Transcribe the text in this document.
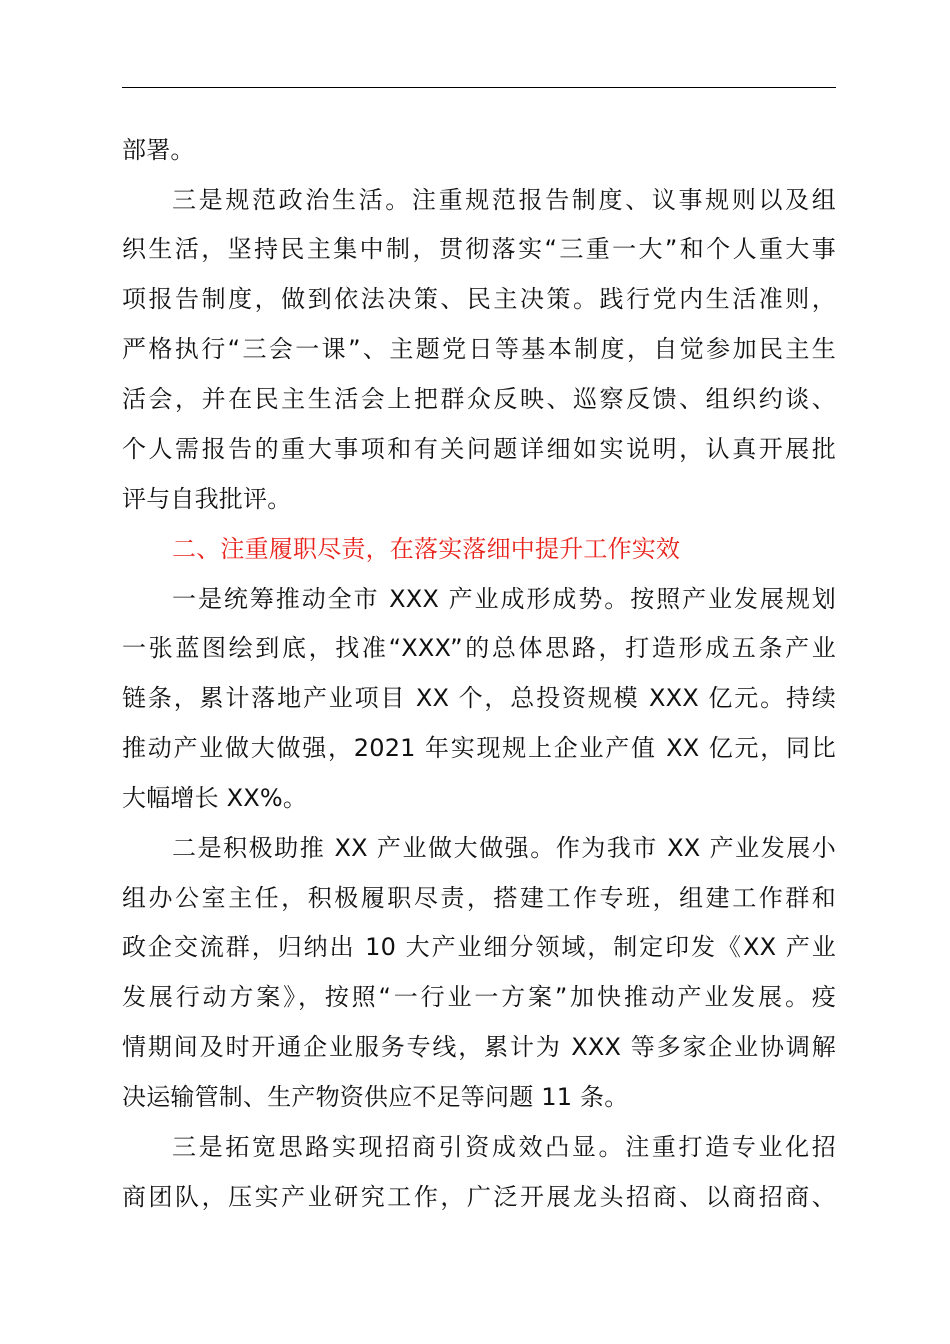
部署。
三是规范政治生活。注重规范报告制度、议事规则以及组
织生活，坚持民主集中制，贯彻落实“三重一大”和个人重大事
项报告制度，做到依法决策、民主决策。践行党内生活准则，
严格执行“三会一课”、主题党日等基本制度，自觉参加民主生
活会，并在民主生活会上把群众反映、巡察反馈、组织约谈、
个人需报告的重大事项和有关问题详细如实说明，认真开展批
评与自我批评。
二、注重履职尽责，在落实落细中提升工作实效
一是统筹推动全市 XXX 产业成形成势。按照产业发展规划
一张蓝图绘到底，找准“XXX”的总体思路，打造形成五条产业
链条，累计落地产业项目 XX 个，总投资规模 XXX 亿元。持续
推动产业做大做强，2021 年实现规上企业产值 XX 亿元，同比
大幅增长 XX%。
二是积极助推 XX 产业做大做强。作为我市 XX 产业发展小
组办公室主任，积极履职尽责，搭建工作专班，组建工作群和
政企交流群，归纳出 10 大产业细分领域，制定印发《XX 产业
发展行动方案》，按照“一行业一方案”加快推动产业发展。疫
情期间及时开通企业服务专线，累计为 XXX 等多家企业协调解
决运输管制、生产物资供应不足等问题 11 条。
三是拓宽思路实现招商引资成效凸显。注重打造专业化招
商团队，压实产业研究工作，广泛开展龙头招商、以商招商、
